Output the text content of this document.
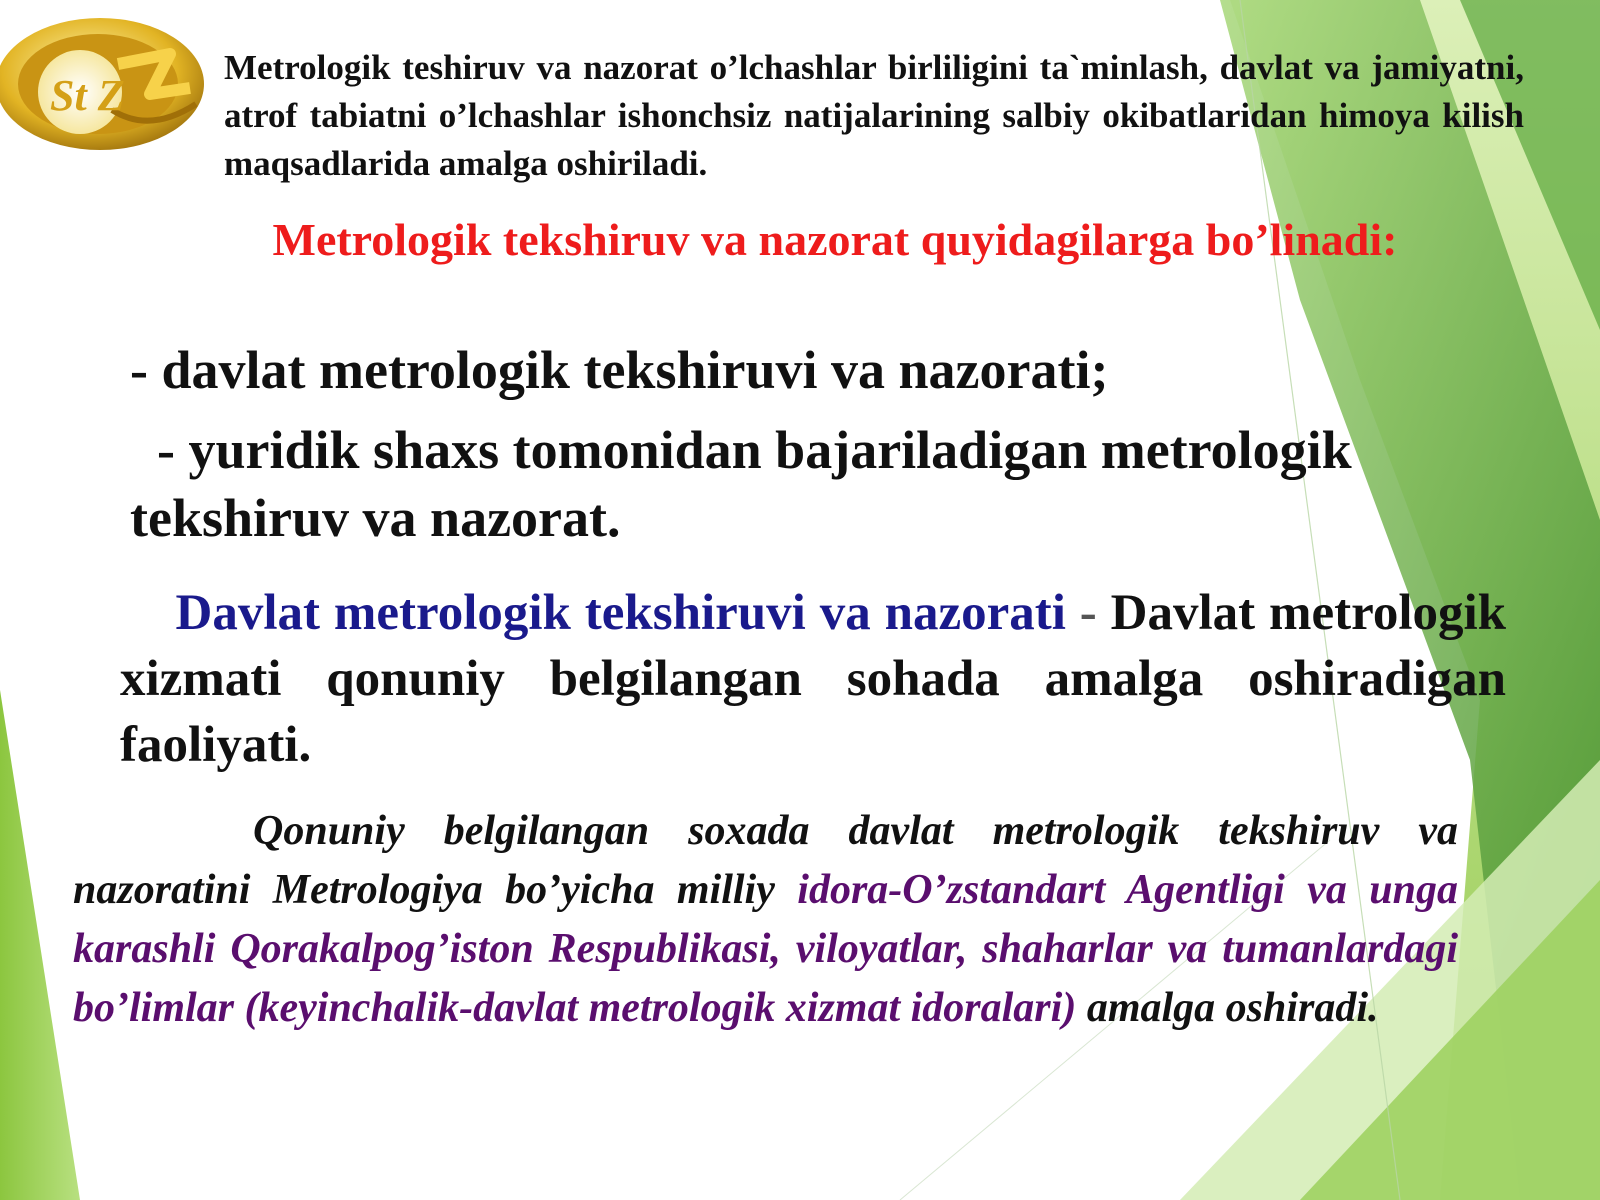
St Z

Metrologik teshiruv va nazorat o’lchashlar birliligini ta`minlash, davlat va jamiyatni, atrof tabiatni o’lchashlar ishonchsiz natijalarining salbiy okibatlaridan himoya kilish maqsadlarida amalga oshiriladi.

Metrologik tekshiruv va nazorat quyidagilarga bo’linadi:

- davlat metrologik tekshiruvi va nazorati;

- yuridik shaxs tomonidan bajariladigan metrologik tekshiruv va nazorat.

Davlat metrologik tekshiruvi va nazorati - Davlat metrologik xizmati qonuniy belgilangan sohada amalga oshiradigan faoliyati.

Qonuniy belgilangan soxada davlat metrologik tekshiruv va nazoratini Metrologiya bo’yicha milliy idora-O’zstandart Agentligi va unga karashli Qorakalpog’iston Respublikasi, viloyatlar, shaharlar va tumanlardagi bo’limlar (keyinchalik-davlat metrologik xizmat idoralari) amalga oshiradi.
